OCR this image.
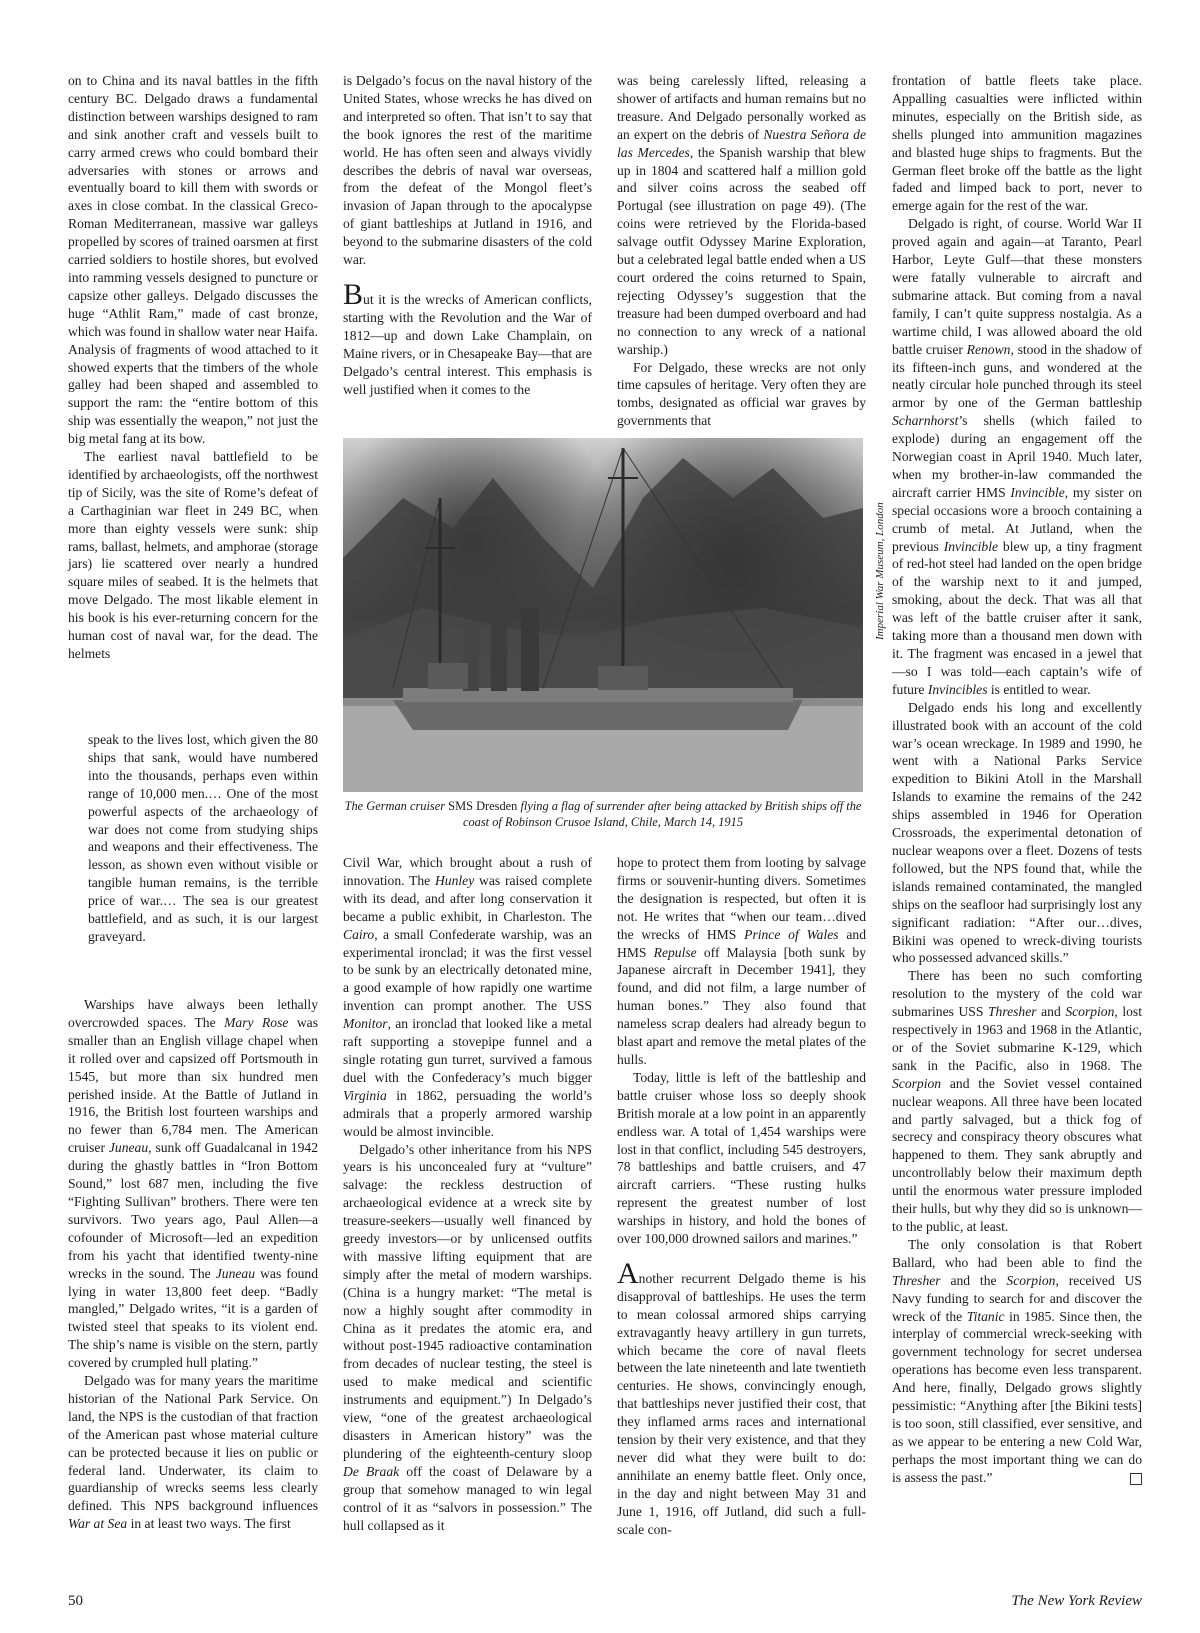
on to China and its naval battles in the fifth century BC. Delgado draws a fundamental distinction between warships designed to ram and sink another craft and vessels built to carry armed crews who could bombard their adversaries with stones or arrows and eventually board to kill them with swords or axes in close combat. In the classical Greco-Roman Mediterranean, massive war galleys propelled by scores of trained oarsmen at first carried soldiers to hostile shores, but evolved into ramming vessels designed to puncture or capsize other galleys. Delgado discusses the huge “Athlit Ram,” made of cast bronze, which was found in shallow water near Haifa. Analysis of fragments of wood attached to it showed experts that the timbers of the whole galley had been shaped and assembled to support the ram: the “entire bottom of this ship was essentially the weapon,” not just the big metal fang at its bow.

The earliest naval battlefield to be identified by archaeologists, off the northwest tip of Sicily, was the site of Rome’s defeat of a Carthaginian war fleet in 249 BC, when more than eighty vessels were sunk: ship rams, ballast, helmets, and amphorae (storage jars) lie scattered over nearly a hundred square miles of seabed. It is the helmets that move Delgado. The most likable element in his book is his ever-returning concern for the human cost of naval war, for the dead. The helmets

speak to the lives lost, which given the 80 ships that sank, would have numbered into the thousands, perhaps even within range of 10,000 men.… One of the most powerful aspects of the archaeology of war does not come from studying ships and weapons and their effectiveness. The lesson, as shown even without visible or tangible human remains, is the terrible price of war.… The sea is our greatest battlefield, and as such, it is our largest graveyard.

Warships have always been lethally overcrowded spaces. The Mary Rose was smaller than an English village chapel when it rolled over and capsized off Portsmouth in 1545, but more than six hundred men perished inside. At the Battle of Jutland in 1916, the British lost fourteen warships and no fewer than 6,784 men. The American cruiser Juneau, sunk off Guadalcanal in 1942 during the ghastly battles in “Iron Bottom Sound,” lost 687 men, including the five “Fighting Sullivan” brothers. There were ten survivors. Two years ago, Paul Allen—a cofounder of Microsoft—led an expedition from his yacht that identified twenty-nine wrecks in the sound. The Juneau was found lying in water 13,800 feet deep. “Badly mangled,” Delgado writes, “it is a garden of twisted steel that speaks to its violent end. The ship’s name is visible on the stern, partly covered by crumpled hull plating.”

Delgado was for many years the maritime historian of the National Park Service. On land, the NPS is the custodian of that fraction of the American past whose material culture can be protected because it lies on public or federal land. Underwater, its claim to guardianship of wrecks seems less clearly defined. This NPS background influences War at Sea in at least two ways. The first

is Delgado’s focus on the naval history of the United States, whose wrecks he has dived on and interpreted so often. That isn’t to say that the book ignores the rest of the maritime world. He has often seen and always vividly describes the debris of naval war overseas, from the defeat of the Mongol fleet’s invasion of Japan through to the apocalypse of giant battleships at Jutland in 1916, and beyond to the submarine disasters of the cold war.

But it is the wrecks of American conflicts, starting with the Revolution and the War of 1812—up and down Lake Champlain, on Maine rivers, or in Chesapeake Bay—that are Delgado’s central interest. This emphasis is well justified when it comes to the

Civil War, which brought about a rush of innovation. The Hunley was raised complete with its dead, and after long conservation it became a public exhibit, in Charleston. The Cairo, a small Confederate warship, was an experimental ironclad; it was the first vessel to be sunk by an electrically detonated mine, a good example of how rapidly one wartime invention can prompt another. The USS Monitor, an ironclad that looked like a metal raft supporting a stovepipe funnel and a single rotating gun turret, survived a famous duel with the Confederacy’s much bigger Virginia in 1862, persuading the world’s admirals that a properly armored warship would be almost invincible.

Delgado’s other inheritance from his NPS years is his unconcealed fury at “vulture” salvage: the reckless destruction of archaeological evidence at a wreck site by treasure-seekers—usually well financed by greedy investors—or by unlicensed outfits with massive lifting equipment that are simply after the metal of modern warships. (China is a hungry market: “The metal is now a highly sought after commodity in China as it predates the atomic era, and without post-1945 radioactive contamination from decades of nuclear testing, the steel is used to make medical and scientific instruments and equipment.”) In Delgado’s view, “one of the greatest archaeological disasters in American history” was the plundering of the eighteenth-century sloop De Braak off the coast of Delaware by a group that somehow managed to win legal control of it as “salvors in possession.” The hull collapsed as it

was being carelessly lifted, releasing a shower of artifacts and human remains but no treasure. And Delgado personally worked as an expert on the debris of Nuestra Señora de las Mercedes, the Spanish warship that blew up in 1804 and scattered half a million gold and silver coins across the seabed off Portugal (see illustration on page 49). (The coins were retrieved by the Florida-based salvage outfit Odyssey Marine Exploration, but a celebrated legal battle ended when a US court ordered the coins returned to Spain, rejecting Odyssey’s suggestion that the treasure had been dumped overboard and had no connection to any wreck of a national warship.)

For Delgado, these wrecks are not only time capsules of heritage. Very often they are tombs, designated as official war graves by governments that

hope to protect them from looting by salvage firms or souvenir-hunting divers. Sometimes the designation is respected, but often it is not. He writes that “when our team…dived the wrecks of HMS Prince of Wales and HMS Repulse off Malaysia [both sunk by Japanese aircraft in December 1941], they found, and did not film, a large number of human bones.” They also found that nameless scrap dealers had already begun to blast apart and remove the metal plates of the hulls.

Today, little is left of the battleship and battle cruiser whose loss so deeply shook British morale at a low point in an apparently endless war. A total of 1,454 warships were lost in that conflict, including 545 destroyers, 78 battleships and battle cruisers, and 47 aircraft carriers. “These rusting hulks represent the greatest number of lost warships in history, and hold the bones of over 100,000 drowned sailors and marines.”

Another recurrent Delgado theme is his disapproval of battleships. He uses the term to mean colossal armored ships carrying extravagantly heavy artillery in gun turrets, which became the core of naval fleets between the late nineteenth and late twentieth centuries. He shows, convincingly enough, that battleships never justified their cost, that they inflamed arms races and international tension by their very existence, and that they never did what they were built to do: annihilate an enemy battle fleet. Only once, in the day and night between May 31 and June 1, 1916, off Jutland, did such a full-scale con-

frontation of battle fleets take place. Appalling casualties were inflicted within minutes, especially on the British side, as shells plunged into ammunition magazines and blasted huge ships to fragments. But the German fleet broke off the battle as the light faded and limped back to port, never to emerge again for the rest of the war.

Delgado is right, of course. World War II proved again and again—at Taranto, Pearl Harbor, Leyte Gulf—that these monsters were fatally vulnerable to aircraft and submarine attack. But coming from a naval family, I can’t quite suppress nostalgia. As a wartime child, I was allowed aboard the old battle cruiser Renown, stood in the shadow of its fifteen-inch guns, and wondered at the neatly circular hole punched through its steel armor by one of the German battleship Scharnhorst’s shells (which failed to explode) during an engagement off the Norwegian coast in April 1940. Much later, when my brother-in-law commanded the aircraft carrier HMS Invincible, my sister on special occasions wore a brooch containing a crumb of metal. At Jutland, when the previous Invincible blew up, a tiny fragment of red-hot steel had landed on the open bridge of the warship next to it and jumped, smoking, about the deck. That was all that was left of the battle cruiser after it sank, taking more than a thousand men down with it. The fragment was encased in a jewel that—so I was told—each captain’s wife of future Invincibles is entitled to wear.

Delgado ends his long and excellently illustrated book with an account of the cold war’s ocean wreckage. In 1989 and 1990, he went with a National Parks Service expedition to Bikini Atoll in the Marshall Islands to examine the remains of the 242 ships assembled in 1946 for Operation Crossroads, the experimental detonation of nuclear weapons over a fleet. Dozens of tests followed, but the NPS found that, while the islands remained contaminated, the mangled ships on the seafloor had surprisingly lost any significant radiation: “After our…dives, Bikini was opened to wreck-diving tourists who possessed advanced skills.”

There has been no such comforting resolution to the mystery of the cold war submarines USS Thresher and Scorpion, lost respectively in 1963 and 1968 in the Atlantic, or of the Soviet submarine K-129, which sank in the Pacific, also in 1968. The Scorpion and the Soviet vessel contained nuclear weapons. All three have been located and partly salvaged, but a thick fog of secrecy and conspiracy theory obscures what happened to them. They sank abruptly and uncontrollably below their maximum depth until the enormous water pressure imploded their hulls, but why they did so is unknown—to the public, at least.

The only consolation is that Robert Ballard, who had been able to find the Thresher and the Scorpion, received US Navy funding to search for and discover the wreck of the Titanic in 1985. Since then, the interplay of commercial wreck-seeking with government technology for secret undersea operations has become even less transparent. And here, finally, Delgado grows slightly pessimistic: “Anything after [the Bikini tests] is too soon, still classified, ever sensitive, and as we appear to be entering a new Cold War, perhaps the most important thing we can do is assess the past.”

Imperial War Museum, London
The German cruiser SMS Dresden flying a flag of surrender after being attacked by British ships off the coast of Robinson Crusoe Island, Chile, March 14, 1915
50	The New York Review
